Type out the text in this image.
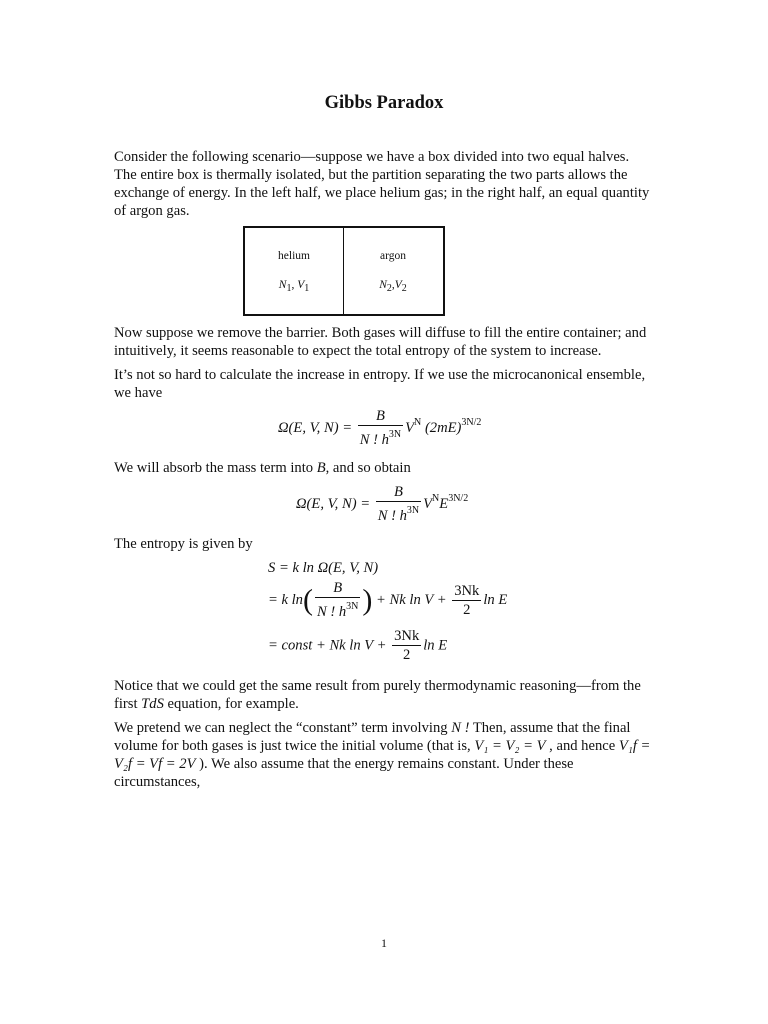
Gibbs Paradox
Consider the following scenario—suppose we have a box divided into two equal halves. The entire box is thermally isolated, but the partition separating the two parts allows the exchange of energy. In the left half, we place helium gas; in the right half, an equal quantity of argon gas.
helium
N1, V1
argon
N2,V2
Now suppose we remove the barrier. Both gases will diffuse to fill the entire container; and intuitively, it seems reasonable to expect the total entropy of the system to increase.
It’s not so hard to calculate the increase in entropy. If we use the microcanonical ensemble, we have
Ω(E, V, $N) = \frac{B}{N ! h^{3N}} V^N$ $(2mE)^{3N/2}$
We will absorb the mass term into B, and so obtain
Ω(E, V, $N) = \frac{B}{N ! h^{3N}} V^NE^{3N/2}$
The entropy is given by
S = k ln Ω(E, V, N)
= k $\ln( \frac{B}{N ! h^{3N}}$ ) + Nk $\ln V + \frac{3Nk}{2}$ ln E
= const + Nk $\ln V + \frac{3Nk}{2}$ ln E
Notice that we could get the same result from purely thermodynamic reasoning—from the first TdS equation, for example.
We pretend we can neglect the “constant” term involving N ! Then, assume that the final volume for both gases is just twice the initial volume (that is, V₁ = V₂ = V , and hence V₁f = V₂f = Vf = 2V ). We also assume that the energy remains constant. Under these circumstances,
1
